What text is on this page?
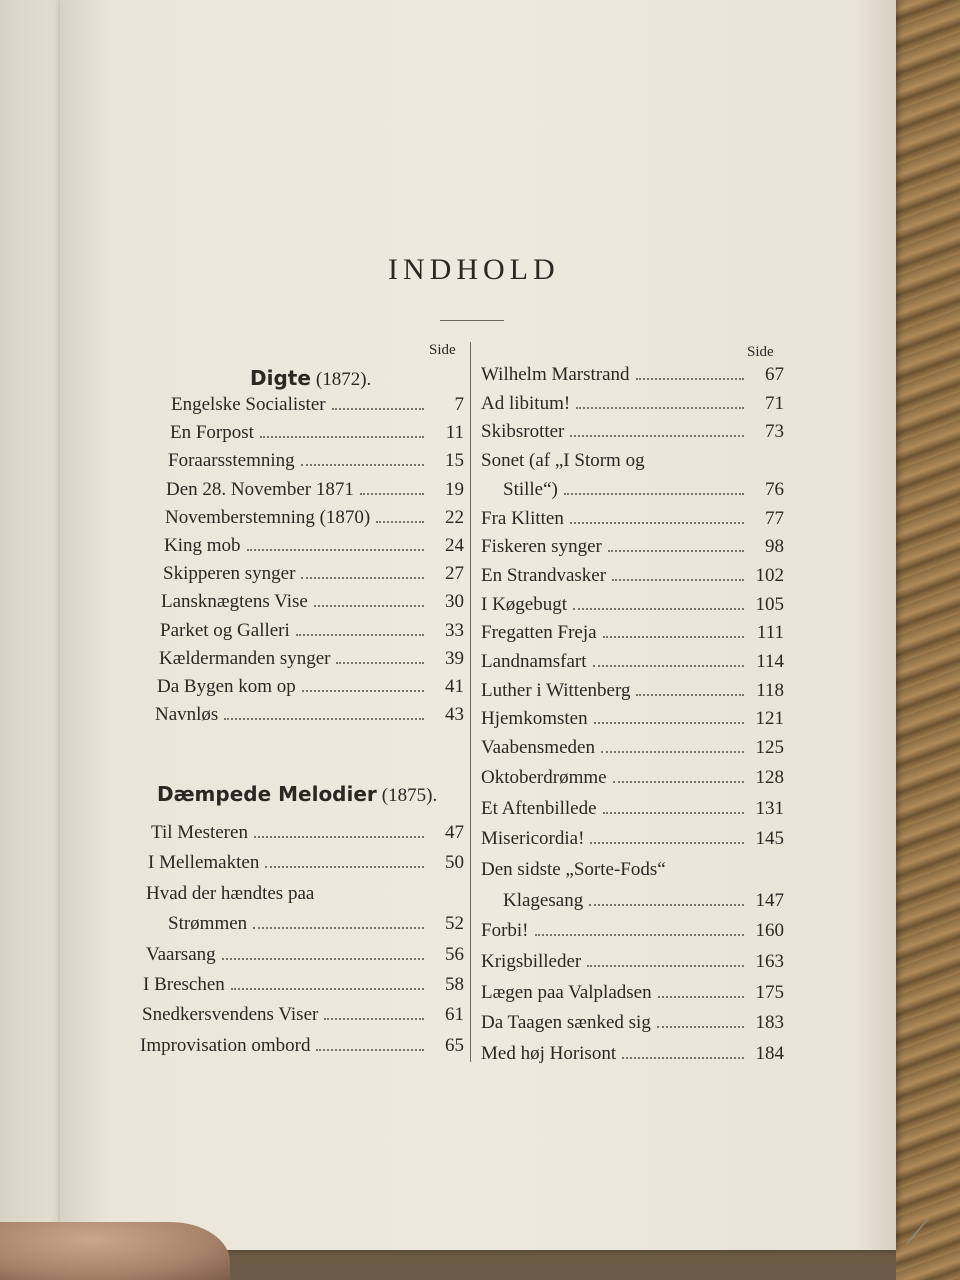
INDHOLD
Side	Side
Digte (1872).
Dæmpede Melodier (1875).
Engelske Socialister	7
En Forpost	11
Foraarsstemning	15
Den 28. November 1871	19
Novemberstemning (1870)	22
King mob	24
Skipperen synger	27
Lansknægtens Vise	30
Parket og Galleri	33
Kældermanden synger	39
Da Bygen kom op	41
Navnløs	43
Til Mesteren	47
I Mellemakten	50
Hvad der hændtes paa
Strømmen	52
Vaarsang	56
I Breschen	58
Snedkersvendens Viser	61
Improvisation ombord	65
Wilhelm Marstrand	67
Ad libitum!	71
Skibsrotter	73
Sonet (af „I Storm og
Stille“)	76
Fra Klitten	77
Fiskeren synger	98
En Strandvasker	102
I Køgebugt	105
Fregatten Freja	111
Landnamsfart	114
Luther i Wittenberg	118
Hjemkomsten	121
Vaabensmeden	125
Oktoberdrømme	128
Et Aftenbillede	131
Misericordia!	145
Den sidste „Sorte-Fods“
Klagesang	147
Forbi!	160
Krigsbilleder	163
Lægen paa Valpladsen	175
Da Taagen sænked sig	183
Med høj Horisont	184
⟋
